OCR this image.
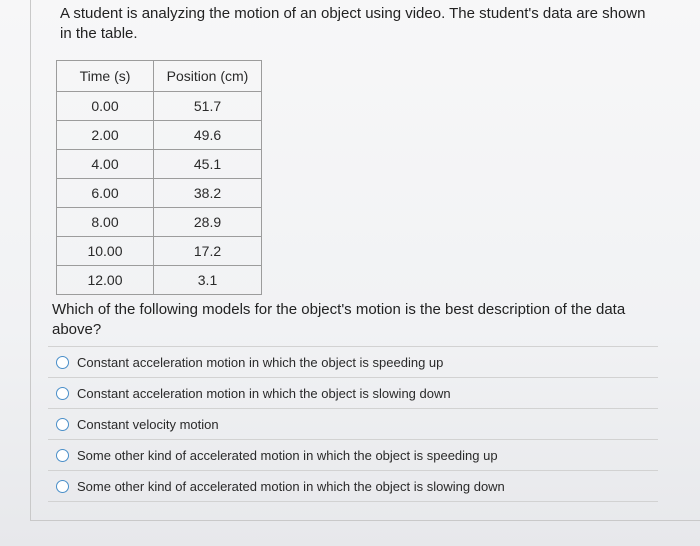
A student is analyzing the motion of an object using video. The student's data are shown in the table.
Time (s)	Position (cm)
0.00	51.7
2.00	49.6
4.00	45.1
6.00	38.2
8.00	28.9
10.00	17.2
12.00	3.1
Which of the following models for the object's motion is the best description of the data above?
Constant acceleration motion in which the object is speeding up
Constant acceleration motion in which the object is slowing down
Constant velocity motion
Some other kind of accelerated motion in which the object is speeding up
Some other kind of accelerated motion in which the object is slowing down
